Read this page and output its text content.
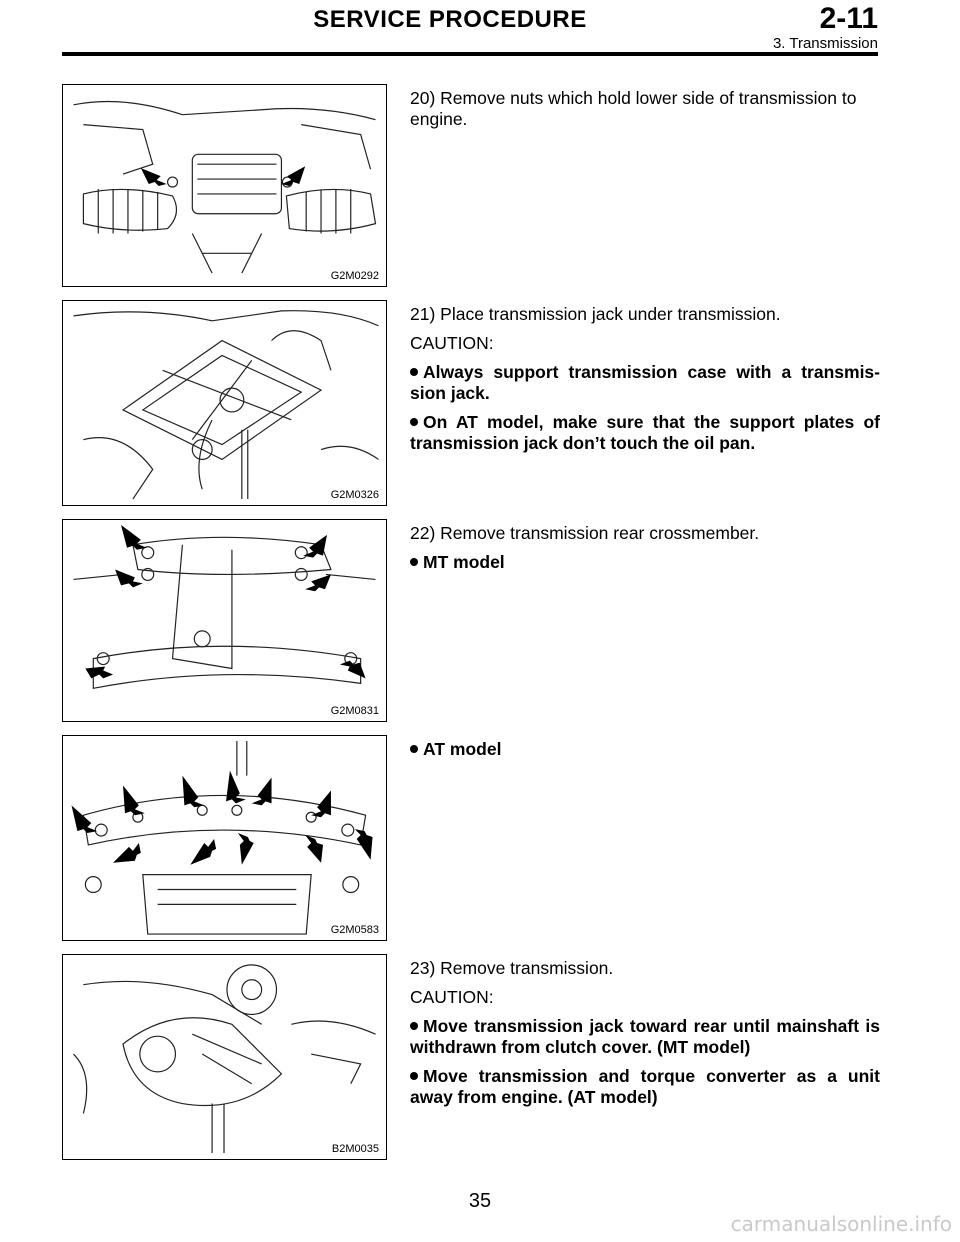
SERVICE PROCEDURE	2-11
3. Transmission
G2M0292

20) Remove nuts which hold lower side of transmission to engine.

G2M0326

21) Place transmission jack under transmission.

CAUTION:

Always support transmission case with a transmis- sion jack.

On AT model, make sure that the support plates of transmission jack don’t touch the oil pan.

G2M0831

22) Remove transmission rear crossmember.

MT model

G2M0583

AT model

B2M0035

23) Remove transmission.

CAUTION:

Move transmission jack toward rear until mainshaft is withdrawn from clutch cover. (MT model)

Move transmission and torque converter as a unit away from engine. (AT model)

35
carmanualsonline.info
